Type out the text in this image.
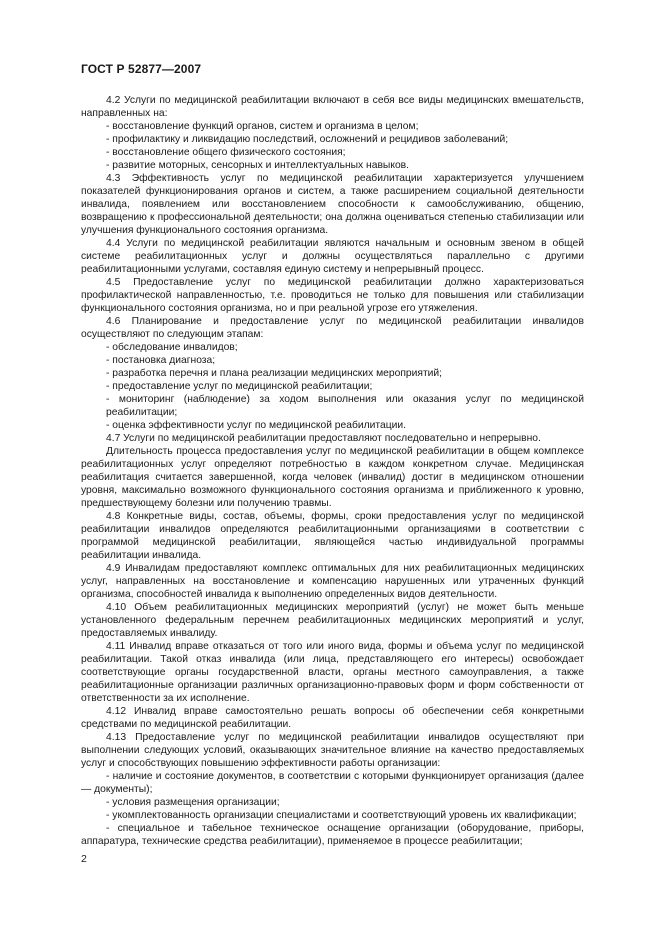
ГОСТ Р 52877—2007

4.2 Услуги по медицинской реабилитации включают в себя все виды медицинских вмешательств, направленных на:

- восстановление функций органов, систем и организма в целом;

- профилактику и ликвидацию последствий, осложнений и рецидивов заболеваний;

- восстановление общего физического состояния;

- развитие моторных, сенсорных и интеллектуальных навыков.

4.3 Эффективность услуг по медицинской реабилитации характеризуется улучшением показателей функционирования органов и систем, а также расширением социальной деятельности инвалида, появлением или восстановлением способности к самообслуживанию, общению, возвращению к профессиональной деятельности; она должна оцениваться степенью стабилизации или улучшения функционального состояния организма.

4.4 Услуги по медицинской реабилитации являются начальным и основным звеном в общей системе реабилитационных услуг и должны осуществляться параллельно с другими реабилитационными услугами, составляя единую систему и непрерывный процесс.

4.5 Предоставление услуг по медицинской реабилитации должно характеризоваться профилактической направленностью, т.е. проводиться не только для повышения или стабилизации функционального состояния организма, но и при реальной угрозе его утяжеления.

4.6 Планирование и предоставление услуг по медицинской реабилитации инвалидов осуществляют по следующим этапам:

- обследование инвалидов;

- постановка диагноза;

- разработка перечня и плана реализации медицинских мероприятий;

- предоставление услуг по медицинской реабилитации;

- мониторинг (наблюдение) за ходом выполнения или оказания услуг по медицинской реабилитации;

- оценка эффективности услуг по медицинской реабилитации.

4.7 Услуги по медицинской реабилитации предоставляют последовательно и непрерывно.

Длительность процесса предоставления услуг по медицинской реабилитации в общем комплексе реабилитационных услуг определяют потребностью в каждом конкретном случае. Медицинская реабилитация считается завершенной, когда человек (инвалид) достиг в медицинском отношении уровня, максимально возможного функционального состояния организма и приближенного к уровню, предшествующему болезни или получению травмы.

4.8 Конкретные виды, состав, объемы, формы, сроки предоставления услуг по медицинской реабилитации инвалидов определяются реабилитационными организациями в соответствии с программой медицинской реабилитации, являющейся частью индивидуальной программы реабилитации инвалида.

4.9 Инвалидам предоставляют комплекс оптимальных для них реабилитационных медицинских услуг, направленных на восстановление и компенсацию нарушенных или утраченных функций организма, способностей инвалида к выполнению определенных видов деятельности.

4.10 Объем реабилитационных медицинских мероприятий (услуг) не может быть меньше установленного федеральным перечнем реабилитационных медицинских мероприятий и услуг, предоставляемых инвалиду.

4.11 Инвалид вправе отказаться от того или иного вида, формы и объема услуг по медицинской реабилитации. Такой отказ инвалида (или лица, представляющего его интересы) освобождает соответствующие органы государственной власти, органы местного самоуправления, а также реабилитационные организации различных организационно-правовых форм и форм собственности от ответственности за их исполнение.

4.12 Инвалид вправе самостоятельно решать вопросы об обеспечении себя конкретными средствами по медицинской реабилитации.

4.13 Предоставление услуг по медицинской реабилитации инвалидов осуществляют при выполнении следующих условий, оказывающих значительное влияние на качество предоставляемых услуг и способствующих повышению эффективности работы организации:

- наличие и состояние документов, в соответствии с которыми функционирует организация (далее — документы);

- условия размещения организации;

- укомплектованность организации специалистами и соответствующий уровень их квалификации;

- специальное и табельное техническое оснащение организации (оборудование, приборы, аппаратура, технические средства реабилитации), применяемое в процессе реабилитации;

2
